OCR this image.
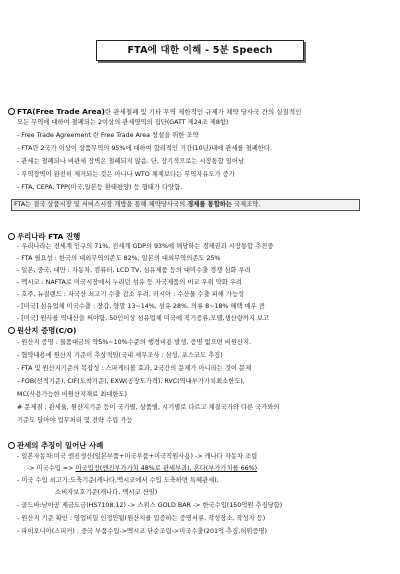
FTA에 대한 이해 - 5분 Speech
FTA(Free Trade Area)란 관세철폐 및 기타 무역 제한적인 규제가 체약 당사국 간의 실질적인
모든 무역에 대하여 철폐되는 2이상의 관세영역의 집단(GATT 제24조 제8항)
- Free Trade Agreement 란 Free Trade Area 창설을 위한 조약
- FTA란 2국가 이상이 상품무역의 95%에 대하여 합리적인 기간(10년)내에 관세를 철폐한다.
- 관세는 철폐되나 비관세 장벽은 철폐되지 않음. 단, 장기적으로는 시장통합 일어남
- 무역장벽이 완전히 제거되는 것은 아니나 WTO 체제보다는 무역자유도가 증가
- FTA, CEPA, TPP(미국,일본등 환태평양) 등 형태가 다양함.
FTA는 결국 상품시장 및 서비스시장 개방을 통해 체약당사국의 경제를 통합하는 국제조약.
우리나라 FTA 진행
- 우리나라는 전세계 인구의 71%, 전세계 GDP의 93%에 해당하는 경제권과 시장통합 추진중
- FTA 필요성 : 한국의 대외무역의존도 82%, 일본의 대외무역의존도 25%
- 일본, 중국, 대만 : 자동차, 컴퓨터, LCD TV, 섬유제품 등의 대미수출 경쟁 심화 우려
- 멕시코 : NAFTA로 미국시장에서 누리던 섬유 등 자국제품의 비교 우위 약화 우려
- 호주, 뉴질랜드 : 자국산 쇠고기 수출 감소 우려, 러시아 : 수산물 수출 피해 가능성
- [미국] 섬유업체 미국수출 : 장갑, 양말 13~14%, 섬유 28%, 의류 8~18% 혜택 매우 큼
- [미국] 원사를 역내산을 써야함, 50인이상 섬유업체 미국에 직기증류,모델,생산량까지 보고
원산지 증명(C/O)
- 원산지 증명 : 물품대금의 약5%~10%수준의 행정비용 발생, 증명 없으면 비원산지.
- 협약내용에 원산지 기준이 추상적임(국내 세무조사 : 삼성, 포스코도 추징)
- FTA 및 원산지기준의 복잡성 : 스파게티볼 효과, 2국간의 문제가 아니라는 것이 문제
- FOB(선적기준), CIF(도착기준), EXW(공장도가격), RVC(역내부가가치최소한도),
MC(사용가능한 비원산지재료 최대한도)
# 문제점 : 관세율, 원산지기준 등이 국가별, 상품별, 시기별로 다르고 체결국가와 다른 국가와의
기준도 달아야 업무처리 및 전략 수립 가능
관세의 추징이 일어난 사례
- 일본자동차:미국 엔진생산(일본부품+미국부품+미국직원사용) -> 캐나다 자동차 조립
-> 미국수입 => 미국입장(엔진부가가치 48%로 관세부과), 혼다(부가가치를 66%)
- 미국 수입 쇠고기:도축기준(캐나다,멕시코에서 수입 도축하면 특혜관세),
소비자보호기준(캐나다, 멕시코 산임)
- 골드바:남아공 제금도금(HS7108.12) -> 스위스 GOLD BAR -> 한국수입(150억원 추징당함)
- 원산지 기준 확인 : 영업비밀 인정안됨(원산지를 입증하는 증명서류, 작성장소, 작성자 등)
- 파이오니아(스피커) : 중국 부품수입->멕시코 단순조립->미국수출(201억 추징,허위증명)
